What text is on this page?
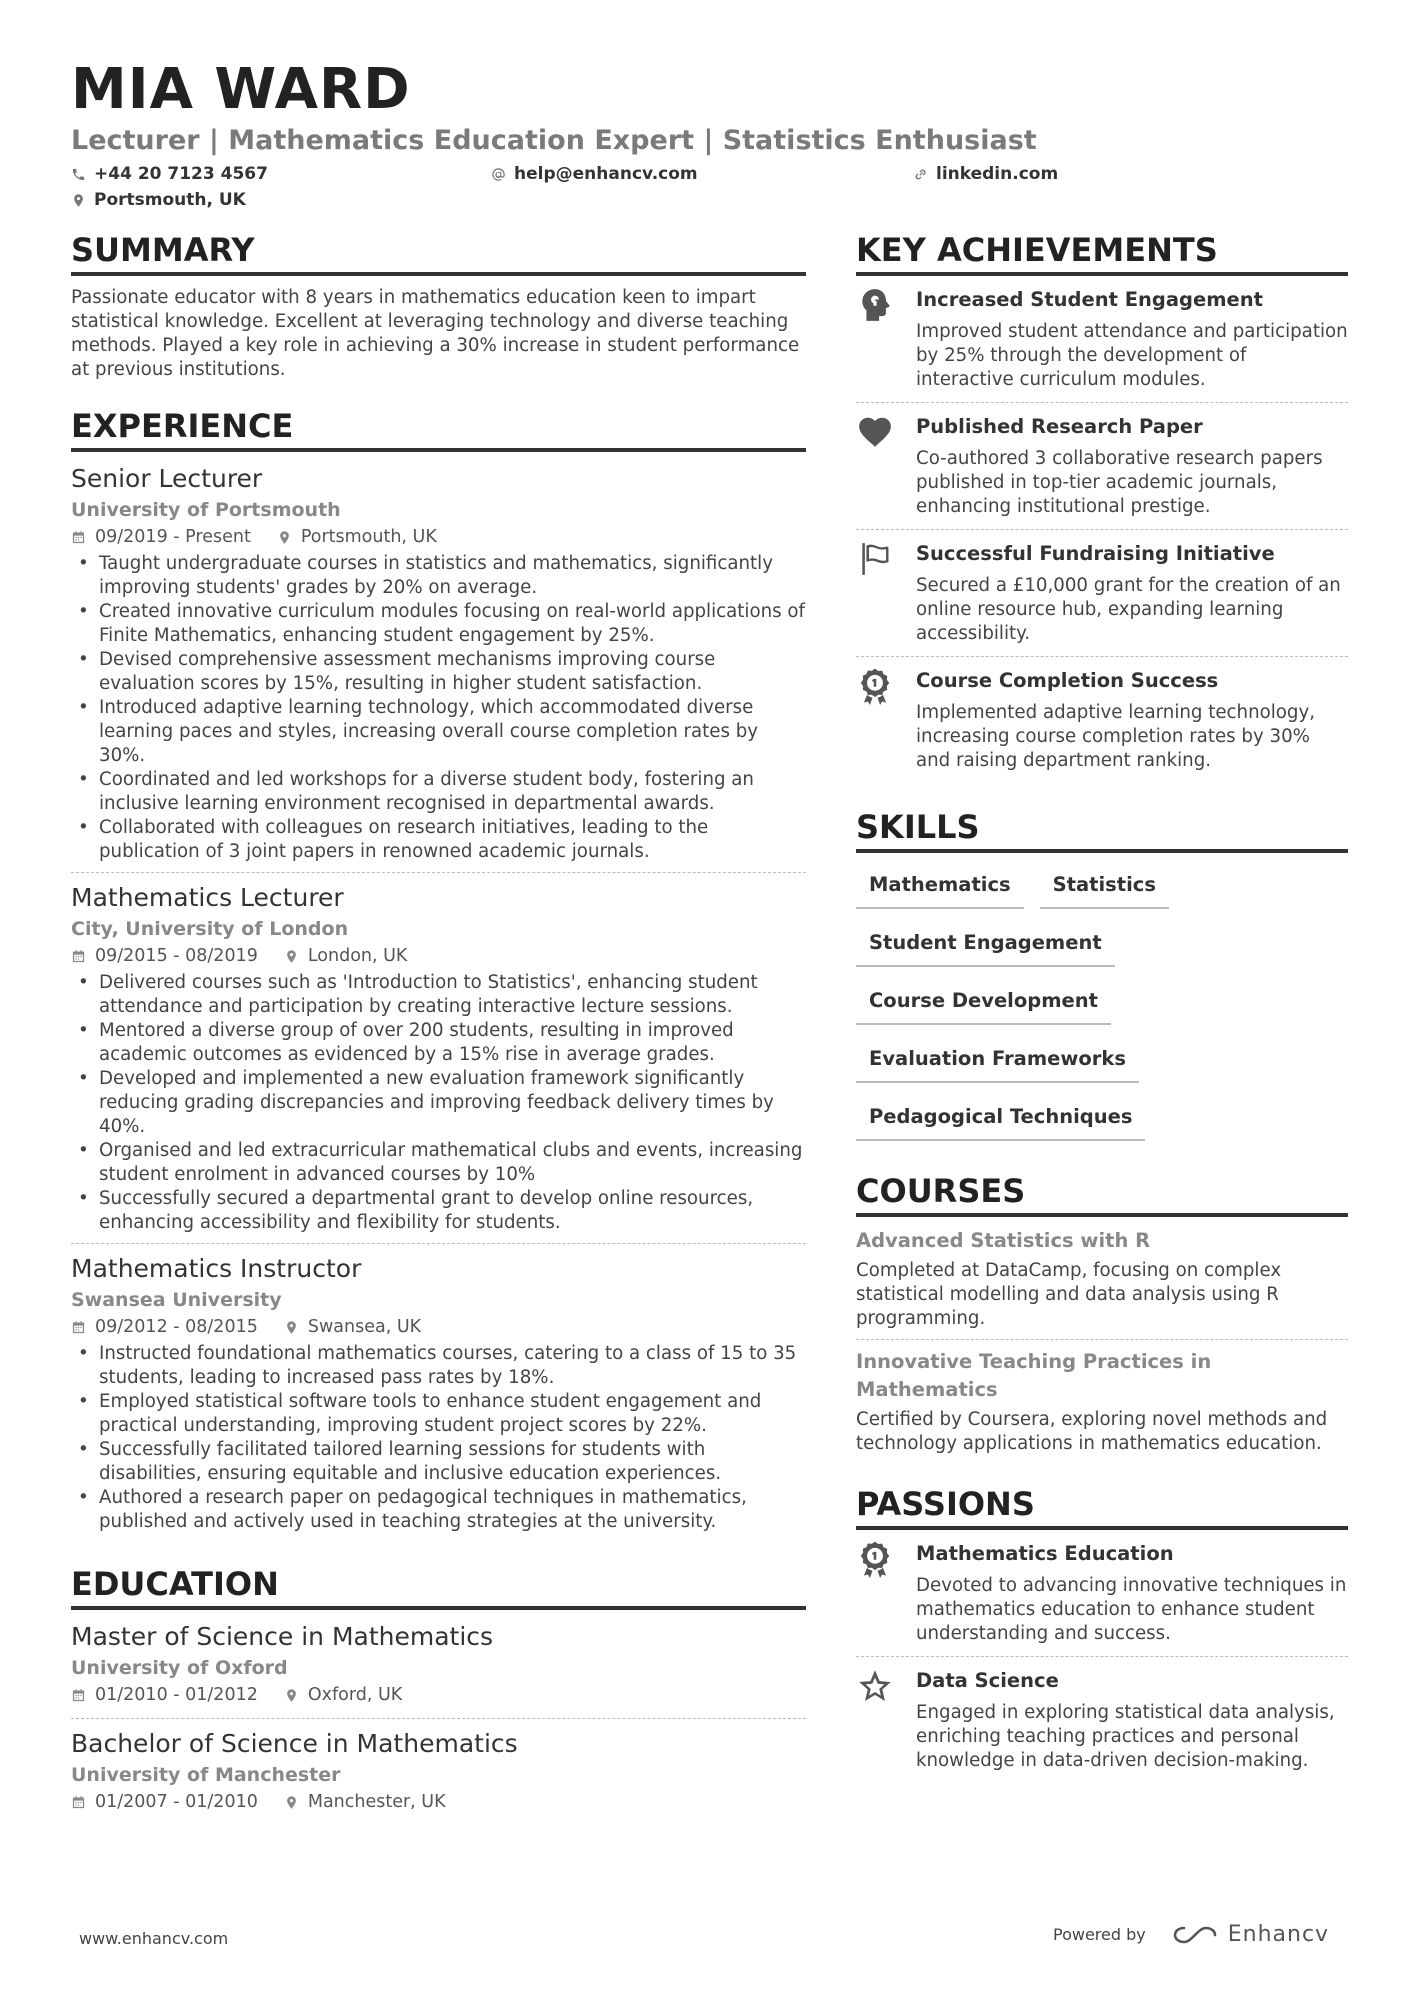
MIA WARD
Lecturer | Mathematics Education Expert | Statistics Enthusiast
+44 20 7123 4567	help@enhancv.com	linkedin.com
Portsmouth, UK
SUMMARY
Passionate educator with 8 years in mathematics education keen to impart statistical knowledge. Excellent at leveraging technology and diverse teaching methods. Played a key role in achieving a 30% increase in student performance at previous institutions.
EXPERIENCE
Senior Lecturer
University of Portsmouth
09/2019 - Present	Portsmouth, UK
• Taught undergraduate courses in statistics and mathematics, significantly improving students' grades by 20% on average.
• Created innovative curriculum modules focusing on real-world applications of Finite Mathematics, enhancing student engagement by 25%.
• Devised comprehensive assessment mechanisms improving course evaluation scores by 15%, resulting in higher student satisfaction.
• Introduced adaptive learning technology, which accommodated diverse learning paces and styles, increasing overall course completion rates by 30%.
• Coordinated and led workshops for a diverse student body, fostering an inclusive learning environment recognised in departmental awards.
• Collaborated with colleagues on research initiatives, leading to the publication of 3 joint papers in renowned academic journals.
Mathematics Lecturer
City, University of London
09/2015 - 08/2019	London, UK
• Delivered courses such as 'Introduction to Statistics', enhancing student attendance and participation by creating interactive lecture sessions.
• Mentored a diverse group of over 200 students, resulting in improved academic outcomes as evidenced by a 15% rise in average grades.
• Developed and implemented a new evaluation framework significantly reducing grading discrepancies and improving feedback delivery times by 40%.
• Organised and led extracurricular mathematical clubs and events, increasing student enrolment in advanced courses by 10%
• Successfully secured a departmental grant to develop online resources, enhancing accessibility and flexibility for students.
Mathematics Instructor
Swansea University
09/2012 - 08/2015	Swansea, UK
• Instructed foundational mathematics courses, catering to a class of 15 to 35 students, leading to increased pass rates by 18%.
• Employed statistical software tools to enhance student engagement and practical understanding, improving student project scores by 22%.
• Successfully facilitated tailored learning sessions for students with disabilities, ensuring equitable and inclusive education experiences.
• Authored a research paper on pedagogical techniques in mathematics, published and actively used in teaching strategies at the university.
EDUCATION
Master of Science in Mathematics
University of Oxford
01/2010 - 01/2012	Oxford, UK
Bachelor of Science in Mathematics
University of Manchester
01/2007 - 01/2010	Manchester, UK
KEY ACHIEVEMENTS
Increased Student Engagement
Improved student attendance and participation by 25% through the development of interactive curriculum modules.
Published Research Paper
Co-authored 3 collaborative research papers published in top-tier academic journals, enhancing institutional prestige.
Successful Fundraising Initiative
Secured a £10,000 grant for the creation of an online resource hub, expanding learning accessibility.
Course Completion Success
Implemented adaptive learning technology, increasing course completion rates by 30% and raising department ranking.
SKILLS
Mathematics	Statistics
Student Engagement
Course Development
Evaluation Frameworks
Pedagogical Techniques
COURSES
Advanced Statistics with R
Completed at DataCamp, focusing on complex statistical modelling and data analysis using R programming.
Innovative Teaching Practices in Mathematics
Certified by Coursera, exploring novel methods and technology applications in mathematics education.
PASSIONS
Mathematics Education
Devoted to advancing innovative techniques in mathematics education to enhance student understanding and success.
Data Science
Engaged in exploring statistical data analysis, enriching teaching practices and personal knowledge in data-driven decision-making.
www.enhancv.com	Powered by	Enhancv
